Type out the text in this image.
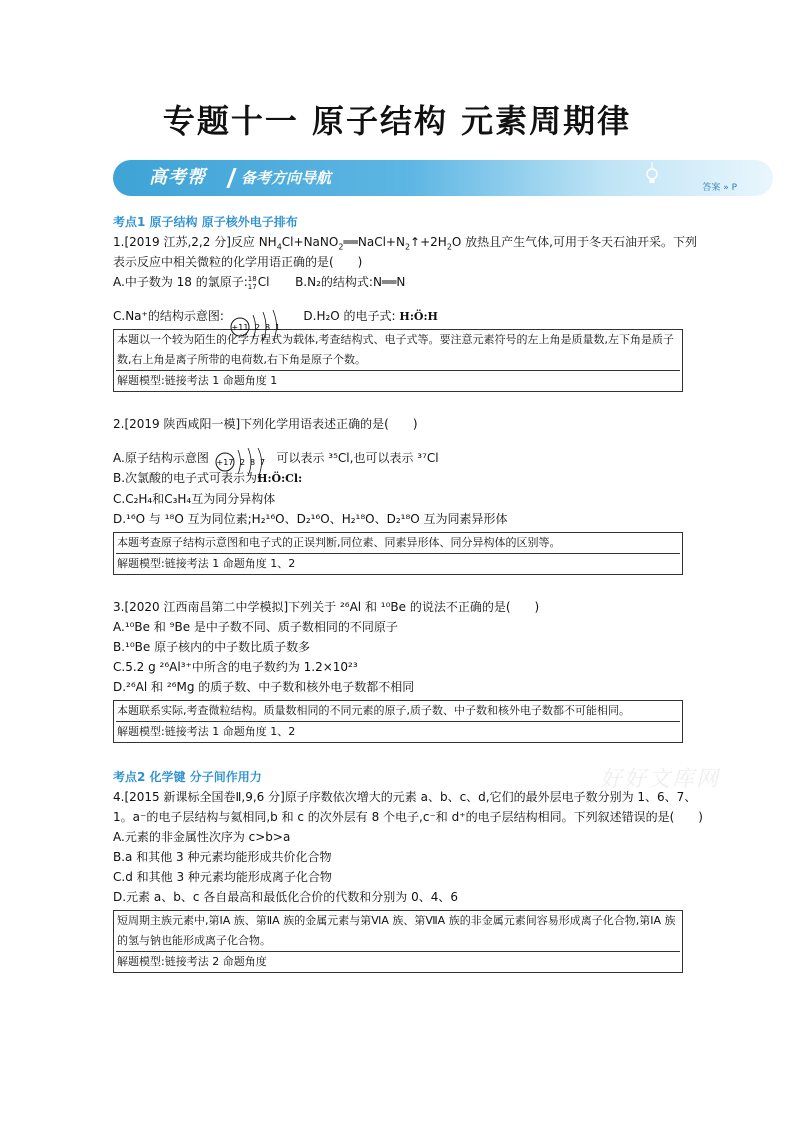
专题十一 原子结构 元素周期律
高考帮 备考方向导航
答案 » P
考点1 原子结构 原子核外电子排布
1.[2019 江苏,2,2 分]反应 $NH_4Cl+NaNO_2══NaCl+N_2↑+2H_2O$ 放热且产生气体,可用于冬天石油开采。下列
表示反应中相关微粒的化学用语正确的是(　　)
A.中子数为 18 的氯原子: 18
17 Cl B.N₂的结构式:N══N
C.Na⁺的结构示意图:
+11 2 8 1
D.H₂O 的电子式: H:Ö:H
本题以一个较为陌生的化学方程式为载体,考查结构式、电子式等。要注意元素符号的左上角是质量数,左下角是质子数,右上角是离子所带的电荷数,右下角是原子个数。
解题模型:链接考法 1 命题角度 1
2.[2019 陕西咸阳一模]下列化学用语表述正确的是(　　)
A.原子结构示意图 +17 2 8 7 可以表示 ³⁵Cl,也可以表示 ³⁷Cl
B.次氯酸的电子式可表示为H:Ö:Cl:
C.C₂H₄和C₃H₄互为同分异构体
D.¹⁶O 与 ¹⁸O 互为同位素;H₂¹⁶O、D₂¹⁶O、H₂¹⁸O、D₂¹⁸O 互为同素异形体
本题考查原子结构示意图和电子式的正误判断,同位素、同素异形体、同分异构体的区别等。
解题模型:链接考法 1 命题角度 1、2
3.[2020 江西南昌第二中学模拟]下列关于 ²⁶Al 和 ¹⁰Be 的说法不正确的是(　　)
A.¹⁰Be 和 ⁹Be 是中子数不同、质子数相同的不同原子
B.¹⁰Be 原子核内的中子数比质子数多
C.5.2 g ²⁶Al³⁺中所含的电子数约为 1.2×10²³
D.²⁶Al 和 ²⁶Mg 的质子数、中子数和核外电子数都不相同
本题联系实际,考查微粒结构。质量数相同的不同元素的原子,质子数、中子数和核外电子数都不可能相同。
解题模型:链接考法 1 命题角度 1、2
考点2 化学键 分子间作用力
4.[2015 新课标全国卷Ⅱ,9,6 分]原子序数依次增大的元素 a、b、c、d,它们的最外层电子数分别为 1、6、7、
1。a⁻的电子层结构与氦相同,b 和 c 的次外层有 8 个电子,c⁻和 d⁺的电子层结构相同。下列叙述错误的是(　　)
A.元素的非金属性次序为 c>b>a
B.a 和其他 3 种元素均能形成共价化合物
C.d 和其他 3 种元素均能形成离子化合物
D.元素 a、b、c 各自最高和最低化合价的代数和分别为 0、4、6
短周期主族元素中,第ⅠA 族、第ⅡA 族的金属元素与第ⅥA 族、第ⅦA 族的非金属元素间容易形成离子化合物,第ⅠA 族的氢与钠也能形成离子化合物。
解题模型:链接考法 2 命题角度
好好文库网
